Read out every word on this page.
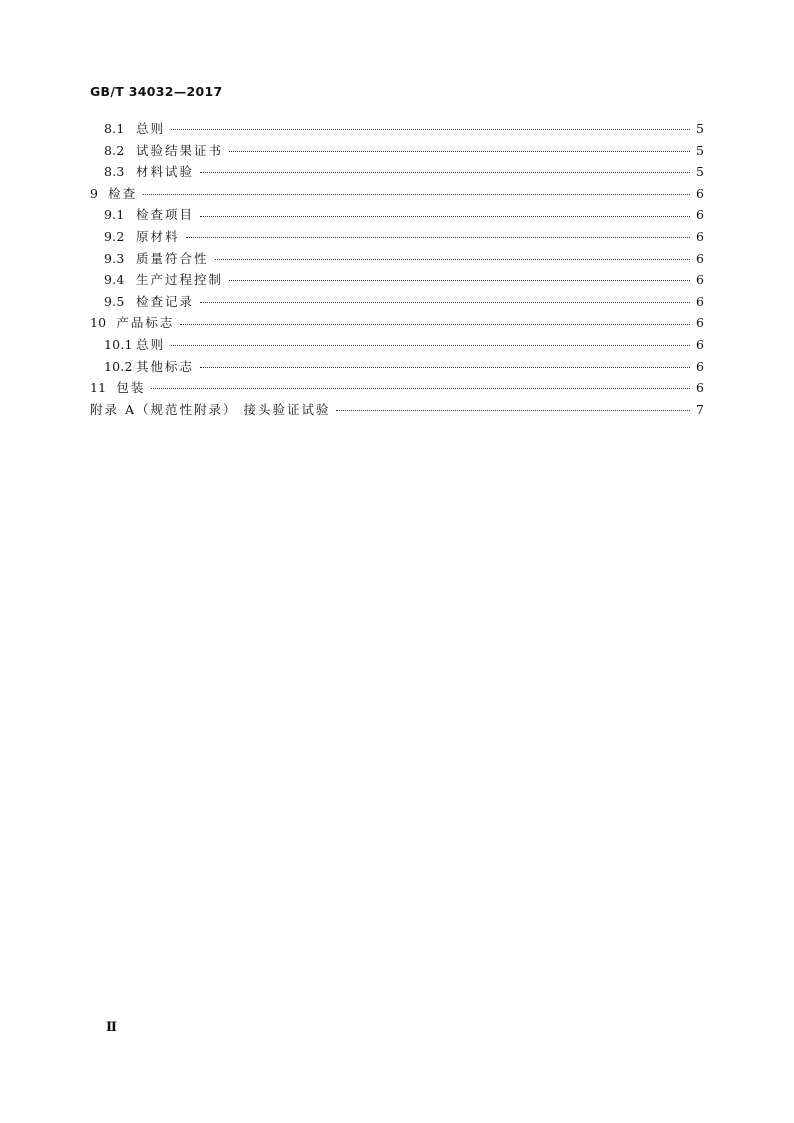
GB/T 34032—2017
8.1 总则	5
8.2 试验结果证书	5
8.3 材料试验	5
9 检查	6
9.1 检查项目	6
9.2 原材料	6
9.3 质量符合性	6
9.4 生产过程控制	6
9.5 检查记录	6
10 产品标志	6
10.1 总则	6
10.2 其他标志	6
11 包装	6
附录 A（规范性附录） 接头验证试验	7
Ⅱ
